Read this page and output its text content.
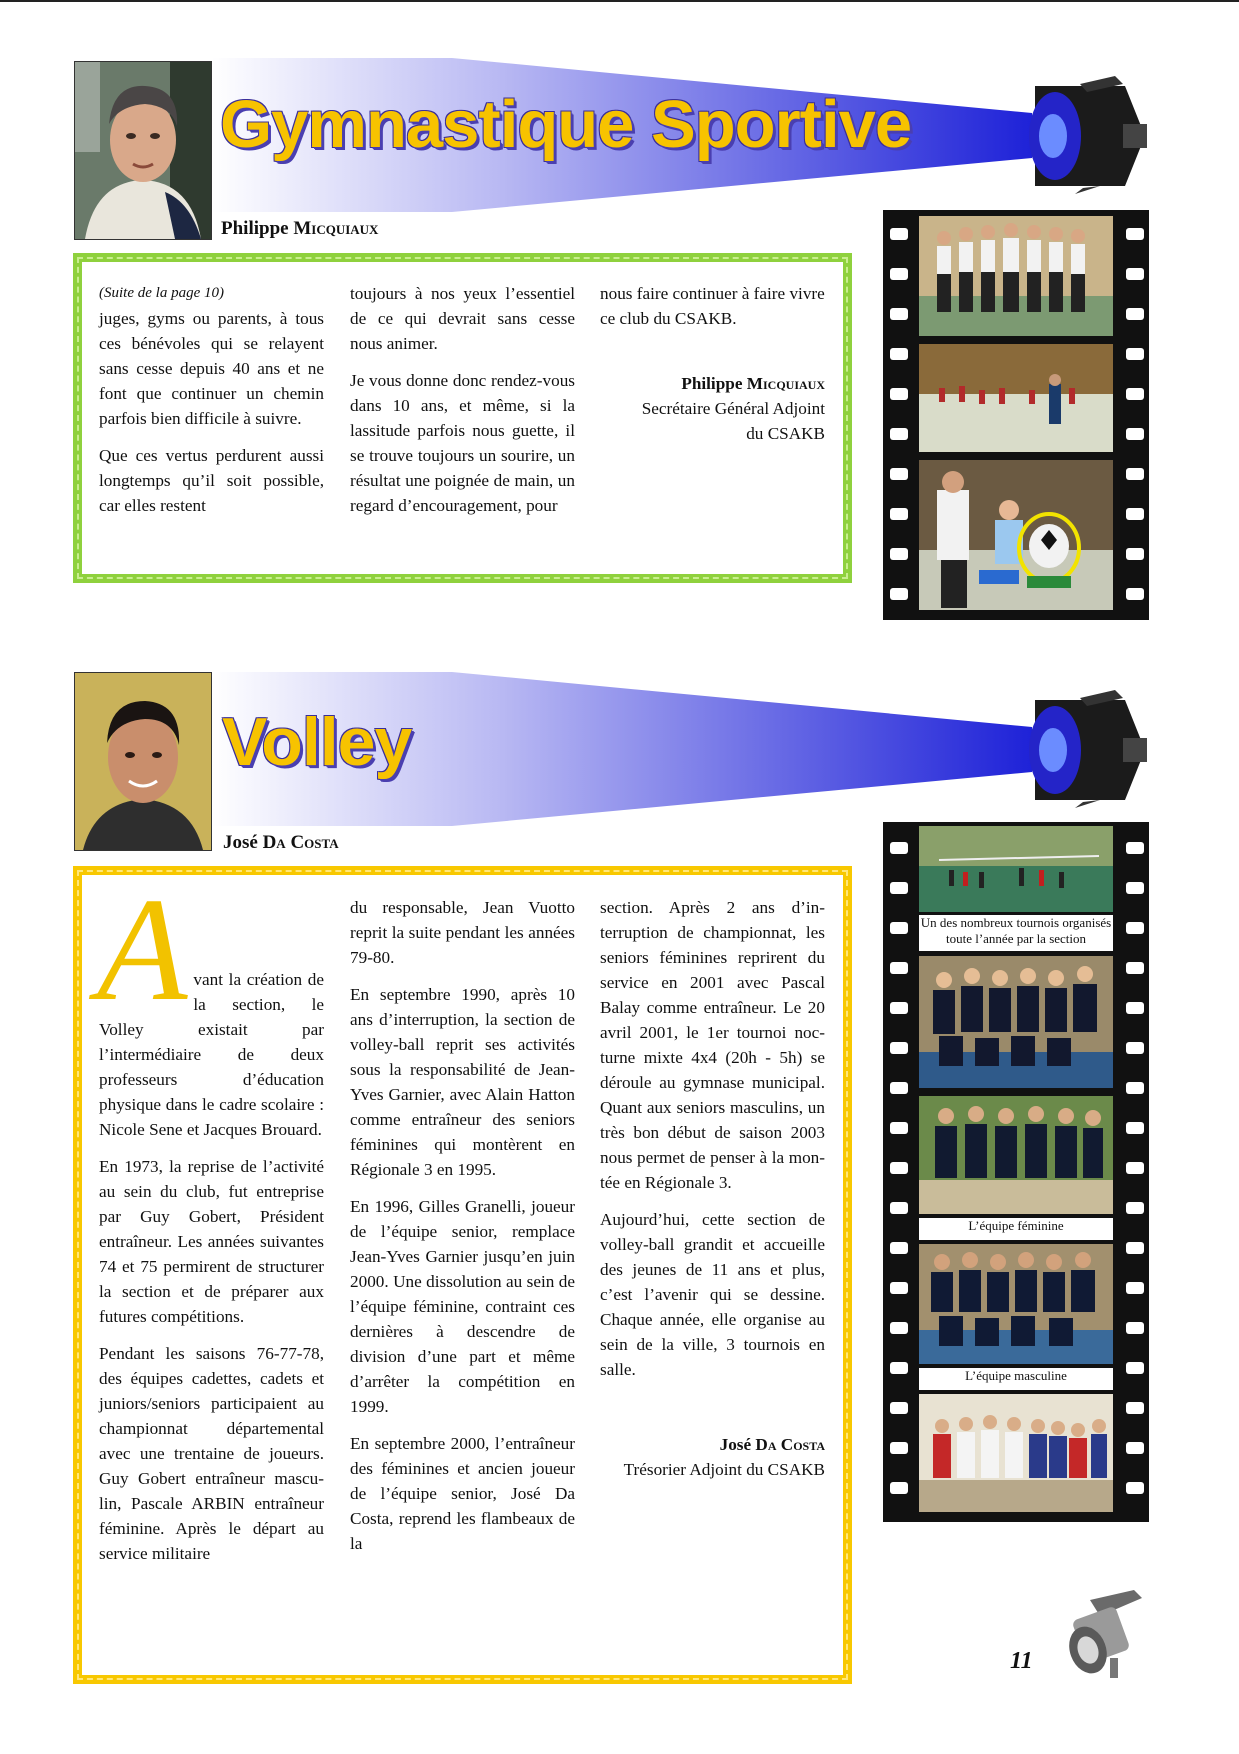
Gymnastique Sportive
Philippe Micquiaux
(Suite de la page 10)

juges, gyms ou parents, à tous ces bénévoles qui se relayent sans cesse depuis 40 ans et ne font que continuer un chemin parfois bien difficile à suivre.

Que ces vertus perdurent aussi longtemps qu’il soit possible, car elles restent

toujours à nos yeux l’essentiel de ce qui devrait sans cesse nous animer.

Je vous donne donc rendez-vous dans 10 ans, et même, si la lassitude parfois nous guette, il se trouve toujours un sourire, un résultat une poignée de main, un regard d’encouragement, pour

nous faire continuer à faire vivre ce club du CSAKB.

Philippe Micquiaux
Secrétaire Général Adjoint
du CSAKB
Volley
José Da Costa
A vant la création de la section, le Volley existait par l’intermédiaire de deux professeurs d’éducation physique dans le cadre scolaire : Nicole Sene et Jacques Brouard.

En 1973, la reprise de l’activité au sein du club, fut entreprise par Guy Gobert, Président entraîneur. Les années suivantes 74 et 75 permirent de structurer la section et de préparer aux futures compétitions.

Pendant les saisons 76-77-78, des équipes cadettes, cadets et juniors/seniors participaient au championnat départemental avec une trentaine de joueurs. Guy Gobert entraîneur masculin, Pascale ARBIN entraîneur féminine. Après le départ au service militaire

du responsable, Jean Vuotto reprit la suite pendant les années 79-80.

En septembre 1990, après 10 ans d’interruption, la section de volley-ball reprit ses activités sous la responsabilité de Jean-Yves Garnier, avec Alain Hatton comme entraîneur des seniors féminines qui montèrent en Régionale 3 en 1995.

En 1996, Gilles Granelli, joueur de l’équipe senior, remplace Jean-Yves Garnier jusqu’en juin 2000. Une dissolution au sein de l’équipe féminine, contraint ces dernières à descendre de division d’une part et même d’arrêter la compétition en 1999.

En septembre 2000, l’entraîneur des féminines et ancien joueur de l’équipe senior, José Da Costa, reprend les flambeaux de la

section. Après 2 ans d’interruption de championnat, les seniors féminines reprirent du service en 2001 avec Pascal Balay comme entraîneur. Le 20 avril 2001, le 1er tournoi nocturne mixte 4x4 (20h - 5h) se déroule au gymnase municipal. Quant aux seniors masculins, un très bon début de saison 2003 nous permet de penser à la montée en Régionale 3.

Aujourd’hui, cette section de volley-ball grandit et accueille des jeunes de 11 ans et plus, c’est l’avenir qui se dessine. Chaque année, elle organise au sein de la ville, 3 tournois en salle.

José Da Costa
Trésorier Adjoint du CSAKB
Un des nombreux tournois organisés toute l’année par la section
L’équipe féminine
L’équipe masculine
11
